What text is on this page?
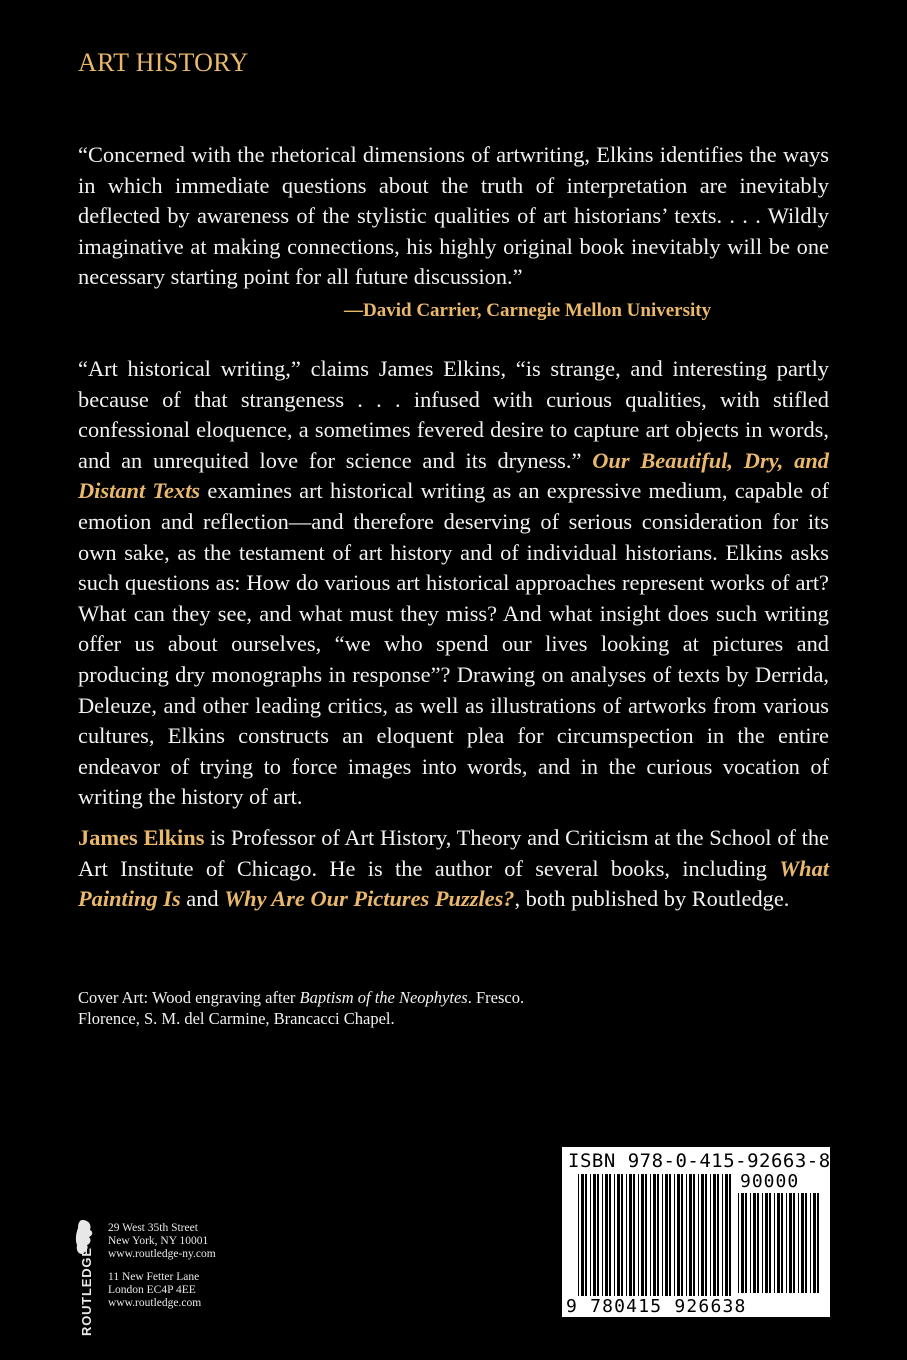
ART HISTORY

“Concerned with the rhetorical dimensions of artwriting, Elkins identifies the ways in which immediate questions about the truth of interpretation are inevitably deflected by awareness of the stylistic qualities of art historians’ texts. . . . Wildly imaginative at making connections, his highly original book inevitably will be one necessary starting point for all future discussion.”

—David Carrier, Carnegie Mellon University

“Art historical writing,” claims James Elkins, “is strange, and interesting partly because of that strangeness . . . infused with curious qualities, with stifled confessional eloquence, a sometimes fevered desire to capture art objects in words, and an unrequited love for science and its dryness.” Our Beautiful, Dry, and Distant Texts examines art historical writing as an expressive medium, capable of emotion and reflection—and therefore deserving of serious consideration for its own sake, as the testament of art history and of individual historians. Elkins asks such questions as: How do various art historical approaches represent works of art? What can they see, and what must they miss? And what insight does such writing offer us about ourselves, “we who spend our lives looking at pictures and producing dry monographs in response”? Drawing on analyses of texts by Derrida, Deleuze, and other leading critics, as well as illustrations of artworks from various cultures, Elkins constructs an eloquent plea for circumspection in the entire endeavor of trying to force images into words, and in the curious vocation of writing the history of art.

James Elkins is Professor of Art History, Theory and Criticism at the School of the Art Institute of Chicago. He is the author of several books, including What Painting Is and Why Are Our Pictures Puzzles?, both published by Routledge.

Cover Art: Wood engraving after Baptism of the Neophytes. Fresco.
Florence, S. M. del Carmine, Brancacci Chapel.

ROUTLEDGE
29 West 35th Street
New York, NY 10001
www.routledge-ny.com
11 New Fetter Lane
London EC4P 4EE
www.routledge.com
ISBN 978-0-415-92663-8
90000
9 780415 926638
